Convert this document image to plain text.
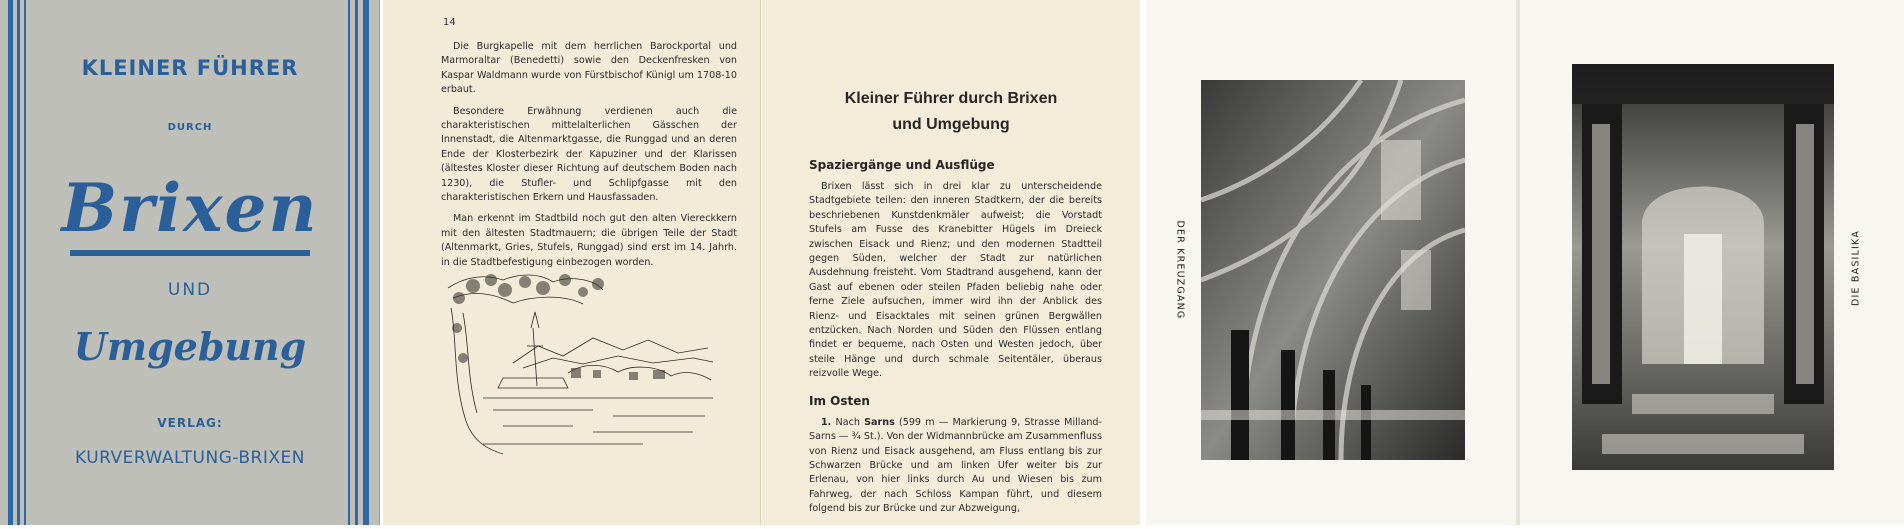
KLEINER FÜHRER
DURCH
Brixen
UND
Umgebung
VERLAG:
KURVERWALTUNG-BRIXEN
14

Die Burgkapelle mit dem herrlichen Barockportal und Marmoraltar (Benedetti) sowie den Deckenfresken von Kaspar Waldmann wurde von Fürstbischof Künigl um 1708-10 erbaut.

Besondere Erwähnung verdienen auch die charakteristischen mittelalterlichen Gässchen der Innenstadt, die Altenmarktgasse, die Runggad und an deren Ende der Klosterbezirk der Kapuziner und der Klarissen (ältestes Kloster dieser Richtung auf deutschem Boden nach 1230), die Stufler- und Schlipfgasse mit den charakteristischen Erkern und Hausfassaden.

Man erkennt im Stadtbild noch gut den alten Viereckkern mit den ältesten Stadtmauern; die übrigen Teile der Stadt (Altenmarkt, Gries, Stufels, Runggad) sind erst im 14. Jahrh. in die Stadtbefestigung einbezogen worden.

Kleiner Führer durch Brixen
und Umgebung
Spaziergänge und Ausflüge

Brixen lässt sich in drei klar zu unterscheidende Stadtgebiete teilen: den inneren Stadtkern, der die bereits beschriebenen Kunstdenkmäler aufweist; die Vorstadt Stufels am Fusse des Kranebitter Hügels im Dreieck zwischen Eisack und Rienz; und den modernen Stadtteil gegen Süden, welcher der Stadt zur natürlichen Ausdehnung freisteht. Vom Stadtrand ausgehend, kann der Gast auf ebenen oder steilen Pfaden beliebig nahe oder ferne Ziele aufsuchen, immer wird ihn der Anblick des Rienz- und Eisacktales mit seinen grünen Bergwällen entzücken. Nach Norden und Süden den Flüssen entlang findet er bequeme, nach Osten und Westen jedoch, über steile Hänge und durch schmale Seitentäler, überaus reizvolle Wege.

Im Osten

1. Nach Sarns (599 m — Markierung 9, Strasse Milland-Sarns — ¾ St.). Von der Widmannbrücke am Zusammenfluss von Rienz und Eisack ausgehend, am Fluss entlang bis zur Schwarzen Brücke und am linken Ufer weiter bis zur Erlenau, von hier links durch Au und Wiesen bis zum Fahrweg, der nach Schloss Kampan führt, und diesem folgend bis zur Brücke und zur Abzweigung,

DER KREUZGANG	DIE BASILIKA
